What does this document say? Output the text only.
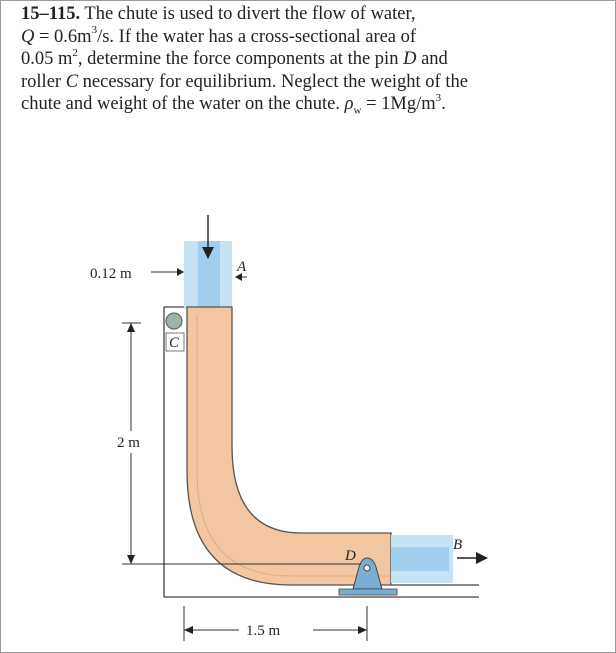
15–115. The chute is used to divert the flow of water,
$Q = 0.6m^3/s$. If the water has a cross-sectional area of
0.05 $m^2$, determine the force components at the pin D and
roller C necessary for equilibrium. Neglect the weight of the
chute and weight of the water on the chute. $\rho_w = 1Mg/m^3$.
C
D
A
B
0.12 m
2 m
1.5 m
